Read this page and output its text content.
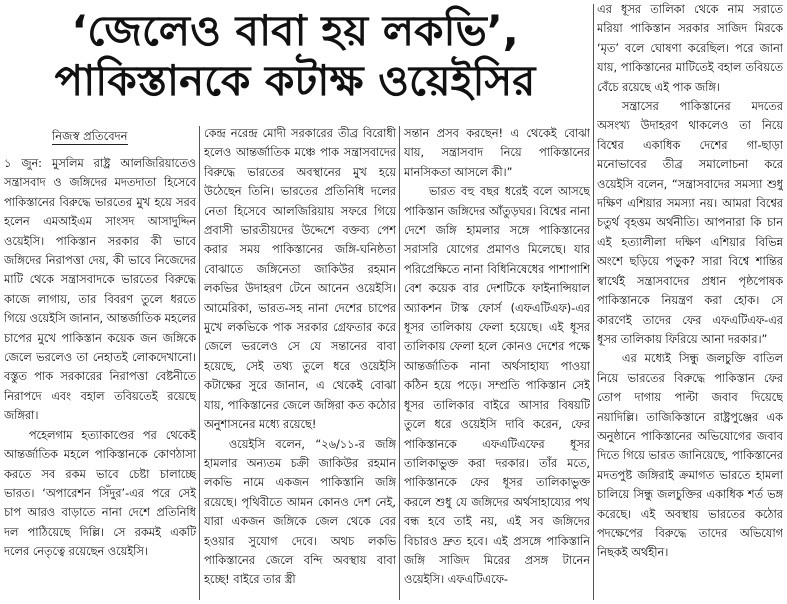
‘জেলেও বাবা হয় লকভি’,
পাকিস্তানকে কটাক্ষ ওয়েইসির
নিজস্ব প্রতিবেদন

১ জুন: মুসলিম রাষ্ট্র আলজিরিয়াতেও সন্ত্রাসবাদ ও জঙ্গিদের মদতদাতা হিসেবে পাকিস্তানের বিরুদ্ধে ভারতের মুখ হয়ে সরব হলেন এমআইএম সাংসদ আসাদুদ্দিন ওয়েইসি। পাকিস্তান সরকার কী ভাবে জঙ্গিদের নিরাপত্তা দেয়, কী ভাবে নিজেদের মাটি থেকে সন্ত্রাসবাদকে ভারতের বিরুদ্ধে কাজে লাগায়, তার বিবরণ তুলে ধরতে গিয়ে ওয়েইসি জানান, আন্তর্জাতিক মহলের চাপের মুখে পাকিস্তান কয়েক জন জঙ্গিকে জেলে ভরলেও তা নেহাতই লোকদেখানো। বস্তুত পাক সরকারের নিরাপত্তা বেষ্টনীতে নিরাপদে এবং বহাল তবিয়তেই রয়েছে জঙ্গিরা।

পহেলগাম হত্যাকাণ্ডের পর থেকেই আন্তর্জাতিক মহলে পাকিস্তানকে কোণঠাসা করতে সব রকম ভাবে চেষ্টা চালাচ্ছে ভারত। ‘অপারেশন সিঁদুর’-এর পরে সেই চাপ আরও বাড়াতে নানা দেশে প্রতিনিধি দল পাঠিয়েছে দিল্লি। সে রকমই একটি দলের নেতৃত্বে রয়েছেন ওয়েইসি।

কেন্দ্র নরেন্দ্র মোদী সরকারের তীব্র বিরোধী হলেও আন্তর্জাতিক মঞ্চে পাক সন্ত্রাসবাদের বিরুদ্ধে ভারতের অবস্থানের মুখ হয়ে উঠেছেন তিনি। ভারতের প্রতিনিধি দলের নেতা হিসেবে আলজিরিয়ায় সফরে গিয়ে প্রবাসী ভারতীয়দের উদ্দেশে বক্তব্য পেশ করার সময় পাকিস্তানের জঙ্গি-ঘনিষ্ঠতা বোঝাতে জঙ্গিনেতা জাকিউর রহমান লকভির উদাহরণ টেনে আনেন ওয়েইসি। আমেরিকা, ভারত-সহ নানা দেশের চাপের মুখে লকভিকে পাক সরকার গ্রেফতার করে জেলে ভরলেও সে যে সন্তানের বাবা হয়েছে, সেই তথ্য তুলে ধরে ওয়েইসি কটাক্ষের সুরে জানান, এ থেকেই বোঝা যায়, পাকিস্তানের জেলে জঙ্গিরা কত কঠোর অনুশাসনের মধ্যে রয়েছে!

ওয়েইসি বলেন, “২৬/১১-র জঙ্গি হামলার অন্যতম চক্রী জাকিউর রহমান লকভি নামে একজন পাকিস্তানি জঙ্গি রয়েছে। পৃথিবীতে আমন কোনও দেশ নেই, যারা একজন জঙ্গিকে জেল থেকে বের হওয়ার সুযোগ দেবে। অথচ লকভি পাকিস্তানের জেলে বন্দি অবস্থায় বাবা হচ্ছে! বাইরে তার স্ত্রী

সন্তান প্রসব করছেন! এ থেকেই বোঝা যায়, সন্ত্রাসবাদ নিয়ে পাকিস্তানের মানসিকতা আসলে কী।”

ভারত বহু বছর ধরেই বলে আসছে পাকিস্তান জঙ্গিদের আঁতুড়ঘর। বিশ্বের নানা দেশে জঙ্গি হামলার সঙ্গে পাকিস্তানের সরাসরি যোগের প্রমাণও মিলেছে। যার পরিপ্রেক্ষিতে নানা বিধিনিষেধের পাশাপাশি বেশ কয়েক বার দেশটিকে ফাইনান্সিয়াল অ্যাকশন টাস্ক ফোর্স (এফএটিএফ)-এর ধূসর তালিকায় ফেলা হয়েছে। এই ধূসর তালিকায় ফেলা হলে কোনও দেশের পক্ষে আন্তর্জাতিক নানা অর্থসাহায্য পাওয়া কঠিন হয়ে পড়ে। সম্প্রতি পাকিস্তান সেই ধূসর তালিকার বাইরে আসার বিষয়টি তুলে ধরে ওয়েইসি দাবি করেন, ফের পাকিস্তানকে এফএটিএফের ধূসর তালিকাভুক্ত করা দরকার। তাঁর মতে, পাকিস্তানকে ফের ধূসর তালিকাভুক্ত করলে শুধু যে জঙ্গিদের অর্থসাহায্যের পথ বন্ধ হবে তাই নয়, এই সব জঙ্গিদের বিচারও দ্রুত হবে। এই প্রসঙ্গে পাকিস্তানি জঙ্গি সাজিদ মিরের প্রসঙ্গ টানেন ওয়েইসি। এফএটিএফে-

এর ধূসর তালিকা থেকে নাম সরাতে মরিয়া পাকিস্তান সরকার সাজিদ মিরকে ‘মৃত’ বলে ঘোষণা করেছিল। পরে জানা যায়, পাকিস্তানের মাটিতেই বহাল তবিয়তে বেঁচে রয়েছে এই পাক জঙ্গি।

সন্ত্রাসের পাকিস্তানের মদতের অসংখ্য উদাহরণ থাকলেও তা নিয়ে বিশ্বের একাধিক দেশের গা-ছাড়া মনোভাবের তীব্র সমালোচনা করে ওয়েইসি বলেন, “সন্ত্রাসবাদের সমস্যা শুধু দক্ষিণ এশিয়ার সমস্যা নয়। আমরা বিশ্বের চতুর্থ বৃহত্তম অর্থনীতি। আপনারা কি চান এই হত্যালীলা দক্ষিণ এশিয়ার বিভিন্ন অংশে ছড়িয়ে পড়ুক? সারা বিশ্বে শান্তির স্বার্থেই সন্ত্রাসবাদের প্রধান পৃষ্ঠপোষক পাকিস্তানকে নিয়ন্ত্রণ করা হোক। সে কারণেই তাদের ফের এফএটিএফ-এর ধূসর তালিকায় ফিরিয়ে আনা দরকার।”

এর মধ্যেই সিন্ধু জলচুক্তি বাতিল নিয়ে ভারতের বিরুদ্ধে পাকিস্তান ফের তোপ দাগায় পাল্টা জবাব দিয়েছে নয়াদিল্লি। তাজিকিস্তানে রাষ্ট্রপুঞ্জের এক অনুষ্ঠানে পাকিস্তানের অভিযোগের জবাব দিতে গিয়ে ভারত জানিয়েছে, পাকিস্তানের মদতপুষ্ট জঙ্গিরাই ক্রমাগত ভারতে হামলা চালিয়ে সিন্ধু জলচুক্তির একাধিক শর্ত ভঙ্গ করেছে। এই অবস্থায় ভারতের কঠোর পদক্ষেপের বিরুদ্ধে তাদের অভিযোগ নিছকই অর্থহীন।
